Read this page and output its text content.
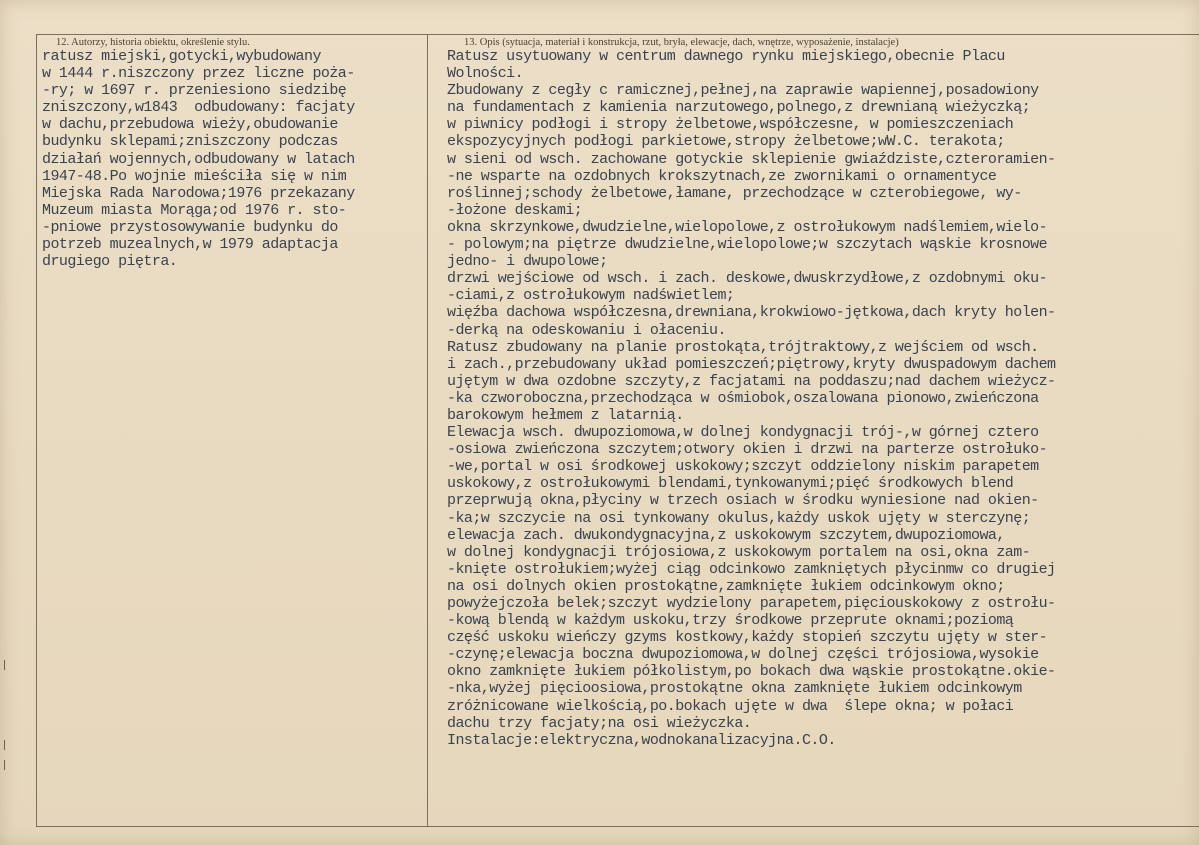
12. Autorzy, historia obiektu, określenie stylu.	13. Opis (sytuacja, materiał i konstrukcja, rzut, bryła, elewacje, dach, wnętrze, wyposażenie, instalacje)
ratusz miejski,gotycki,wybudowany
w 1444 r.niszczony przez liczne poża-
-ry; w 1697 r. przeniesiono siedzibę
zniszczony,w1843  odbudowany: facjaty
w dachu,przebudowa wieży,obudowanie
budynku sklepami;zniszczony podczas
działań wojennych,odbudowany w latach
1947-48.Po wojnie mieściła się w nim
Miejska Rada Narodowa;1976 przekazany
Muzeum miasta Morąga;od 1976 r. sto-
-pniowe przystosowywanie budynku do
potrzeb muzealnych,w 1979 adaptacja
drugiego piętra.
Ratusz usytuowany w centrum dawnego rynku miejskiego,obecnie Placu
Wolności.
Zbudowany z cegły c ramicznej,pełnej,na zaprawie wapiennej,posadowiony
na fundamentach z kamienia narzutowego,polnego,z drewnianą wieżyczką;
w piwnicy podłogi i stropy żelbetowe,współczesne, w pomieszczeniach
ekspozycyjnych podłogi parkietowe,stropy żelbetowe;wW.C. terakota;
w sieni od wsch. zachowane gotyckie sklepienie gwiaździste,czteroramien-
-ne wsparte na ozdobnych krokszytnach,ze zwornikami o ornamentyce
roślinnej;schody żelbetowe,łamane, przechodzące w czterobiegowe, wy-
-łożone deskami;
okna skrzynkowe,dwudzielne,wielopolowe,z ostrołukowym nadślemiem,wielo-
- polowym;na piętrze dwudzielne,wielopolowe;w szczytach wąskie krosnowe
jedno- i dwupolowe;
drzwi wejściowe od wsch. i zach. deskowe,dwuskrzydłowe,z ozdobnymi oku-
-ciami,z ostrołukowym nadświetlem;
więźba dachowa współczesna,drewniana,krokwiowo-jętkowa,dach kryty holen-
-derką na odeskowaniu i ołaceniu.
Ratusz zbudowany na planie prostokąta,trójtraktowy,z wejściem od wsch.
i zach.,przebudowany układ pomieszczeń;piętrowy,kryty dwuspadowym dachem
ujętym w dwa ozdobne szczyty,z facjatami na poddaszu;nad dachem wieżycz-
-ka czworoboczna,przechodząca w ośmiobok,oszalowana pionowo,zwieńczona
barokowym hełmem z latarnią.
Elewacja wsch. dwupoziomowa,w dolnej kondygnacji trój-,w górnej cztero
-osiowa zwieńczona szczytem;otwory okien i drzwi na parterze ostrołuko-
-we,portal w osi środkowej uskokowy;szczyt oddzielony niskim parapetem
uskokowy,z ostrołukowymi blendami,tynkowanymi;pięć środkowych blend
przeprwują okna,płyciny w trzech osiach w środku wyniesione nad okien-
-ka;w szczycie na osi tynkowany okulus,każdy uskok ujęty w sterczynę;
elewacja zach. dwukondygnacyjna,z uskokowym szczytem,dwupoziomowa,
w dolnej kondygnacji trójosiowa,z uskokowym portalem na osi,okna zam-
-knięte ostrołukiem;wyżej ciąg odcinkowo zamkniętych płycinmw co drugiej
na osi dolnych okien prostokątne,zamknięte łukiem odcinkowym okno;
powyżejczoła belek;szczyt wydzielony parapetem,pięciouskokowy z ostrołu-
-kową blendą w każdym uskoku,trzy środkowe przeprute oknami;poziomą
część uskoku wieńczy gzyms kostkowy,każdy stopień szczytu ujęty w ster-
-czynę;elewacja boczna dwupoziomowa,w dolnej części trójosiowa,wysokie
okno zamknięte łukiem półkolistym,po bokach dwa wąskie prostokątne.okie-
-nka,wyżej pięcioosiowa,prostokątne okna zamknięte łukiem odcinkowym
zróżnicowane wielkością,po.bokach ujęte w dwa  ślepe okna; w połaci
dachu trzy facjaty;na osi wieżyczka.
Instalacje:elektryczna,wodnokanalizacyjna.C.O.
